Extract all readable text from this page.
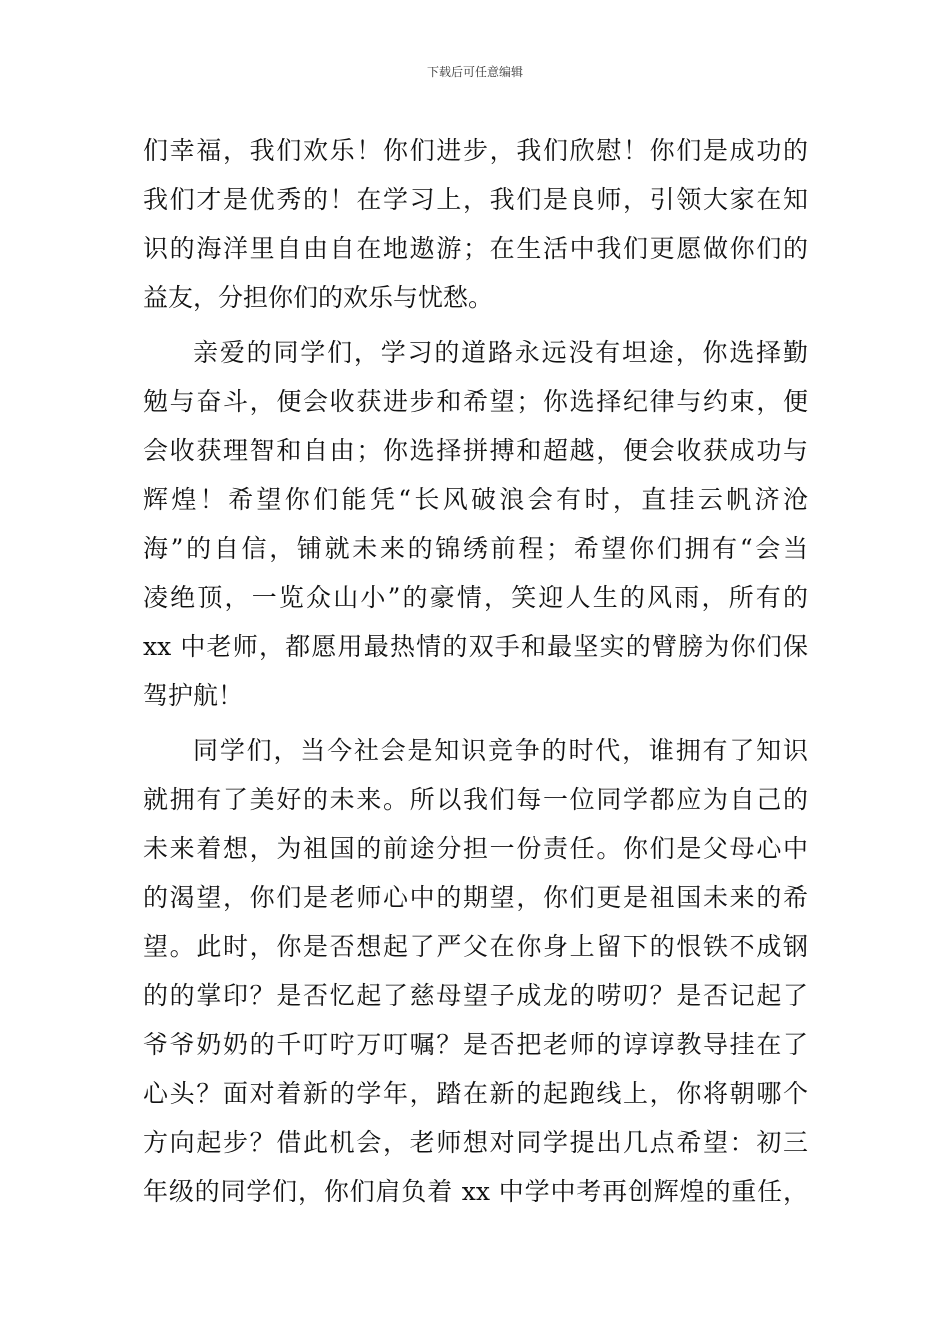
下载后可任意编辑
们幸福，我们欢乐！你们进步，我们欣慰！你们是成功的
我们才是优秀的！在学习上，我们是良师，引领大家在知
识的海洋里自由自在地遨游；在生活中我们更愿做你们的
益友，分担你们的欢乐与忧愁。
亲爱的同学们，学习的道路永远没有坦途，你选择勤
勉与奋斗，便会收获进步和希望；你选择纪律与约束，便
会收获理智和自由；你选择拼搏和超越，便会收获成功与
辉煌！希望你们能凭“长风破浪会有时，直挂云帆济沧
海”的自信，铺就未来的锦绣前程；希望你们拥有“会当
凌绝顶，一览众山小”的豪情，笑迎人生的风雨，所有的
xx 中老师，都愿用最热情的双手和最坚实的臂膀为你们保
驾护航！
同学们，当今社会是知识竞争的时代，谁拥有了知识
就拥有了美好的未来。所以我们每一位同学都应为自己的
未来着想，为祖国的前途分担一份责任。你们是父母心中
的渴望，你们是老师心中的期望，你们更是祖国未来的希
望。此时，你是否想起了严父在你身上留下的恨铁不成钢
的的掌印？是否忆起了慈母望子成龙的唠叨？是否记起了
爷爷奶奶的千叮咛万叮嘱？是否把老师的谆谆教导挂在了
心头？面对着新的学年，踏在新的起跑线上，你将朝哪个
方向起步？借此机会，老师想对同学提出几点希望：初三
年级的同学们，你们肩负着 xx 中学中考再创辉煌的重任，
